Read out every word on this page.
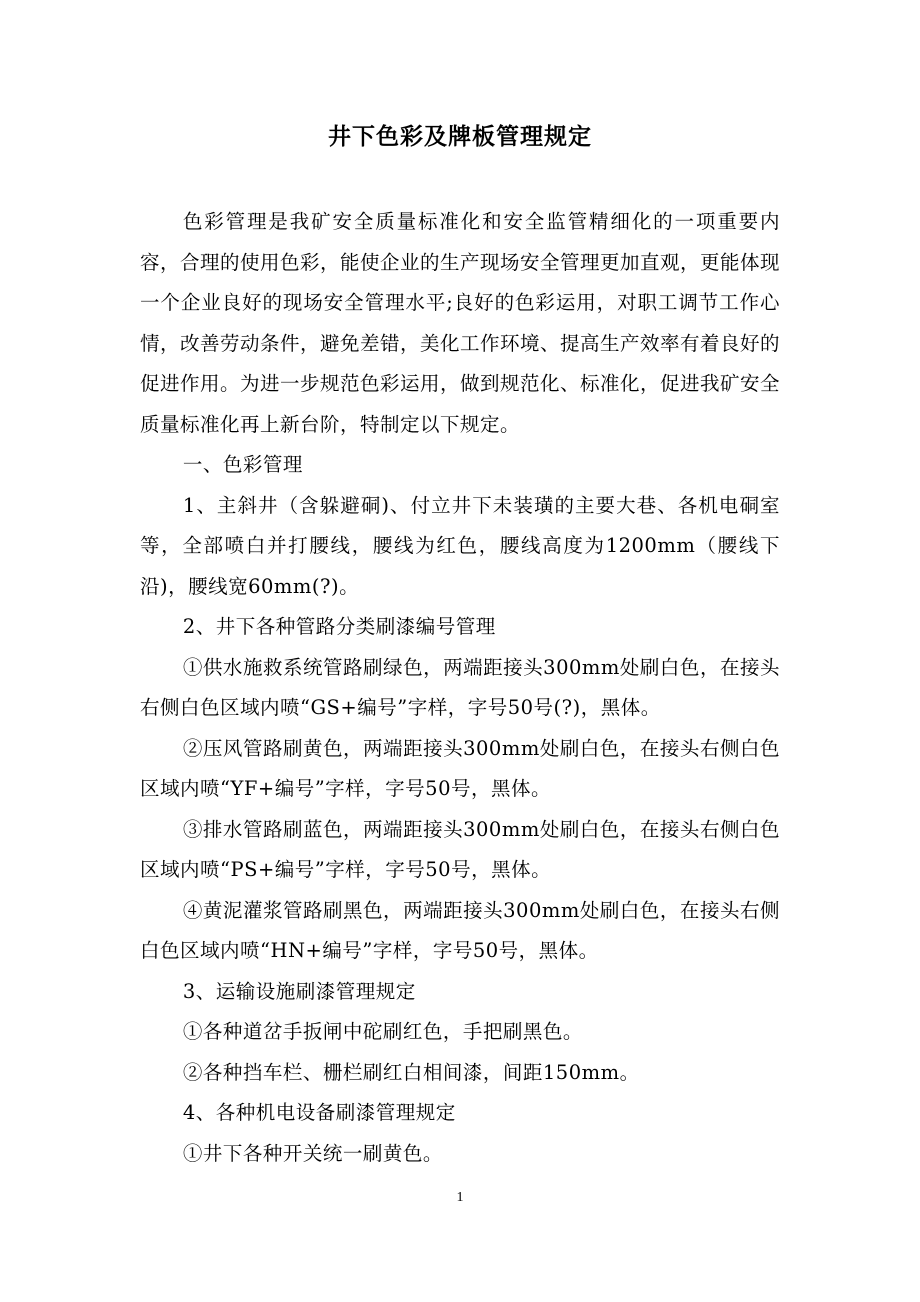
井下色彩及牌板管理规定

色彩管理是我矿安全质量标准化和安全监管精细化的一项重要内容，合理的使用色彩，能使企业的生产现场安全管理更加直观，更能体现一个企业良好的现场安全管理水平;良好的色彩运用，对职工调节工作心情，改善劳动条件，避免差错，美化工作环境、提高生产效率有着良好的促进作用。为进一步规范色彩运用，做到规范化、标准化，促进我矿安全质量标准化再上新台阶，特制定以下规定。

一、色彩管理

1、主斜井（含躲避硐)、付立井下未装璜的主要大巷、各机电硐室等，全部喷白并打腰线，腰线为红色，腰线高度为1200mm（腰线下沿)，腰线宽60mm(?)。

2、井下各种管路分类刷漆编号管理

①供水施救系统管路刷绿色，两端距接头300mm处刷白色，在接头右侧白色区域内喷“GS+编号”字样，字号50号(?)，黑体。

②压风管路刷黄色，两端距接头300mm处刷白色，在接头右侧白色区域内喷“YF+编号”字样，字号50号，黑体。

③排水管路刷蓝色，两端距接头300mm处刷白色，在接头右侧白色区域内喷“PS+编号”字样，字号50号，黑体。

④黄泥灌浆管路刷黑色，两端距接头300mm处刷白色，在接头右侧白色区域内喷“HN+编号”字样，字号50号，黑体。

3、运输设施刷漆管理规定

①各种道岔手扳闸中砣刷红色，手把刷黑色。

②各种挡车栏、栅栏刷红白相间漆，间距150mm。

4、各种机电设备刷漆管理规定

①井下各种开关统一刷黄色。

1
